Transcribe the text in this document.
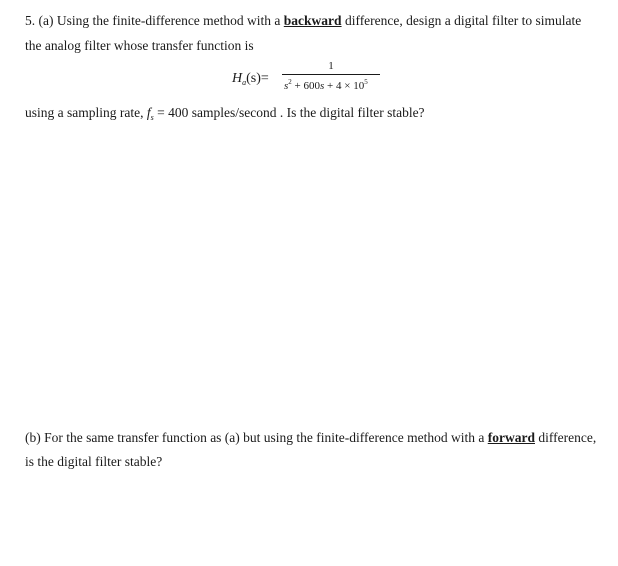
5. (a) Using the finite-difference method with a backward difference, design a digital filter to simulate
the analog filter whose transfer function is
$H_a(s)=$
1
$s^2 + 600s + 4 \times 10^5$
using a sampling rate, $f_s = 400$ samples/second . Is the digital filter stable?
(b) For the same transfer function as (a) but using the finite-difference method with a forward difference,
is the digital filter stable?
